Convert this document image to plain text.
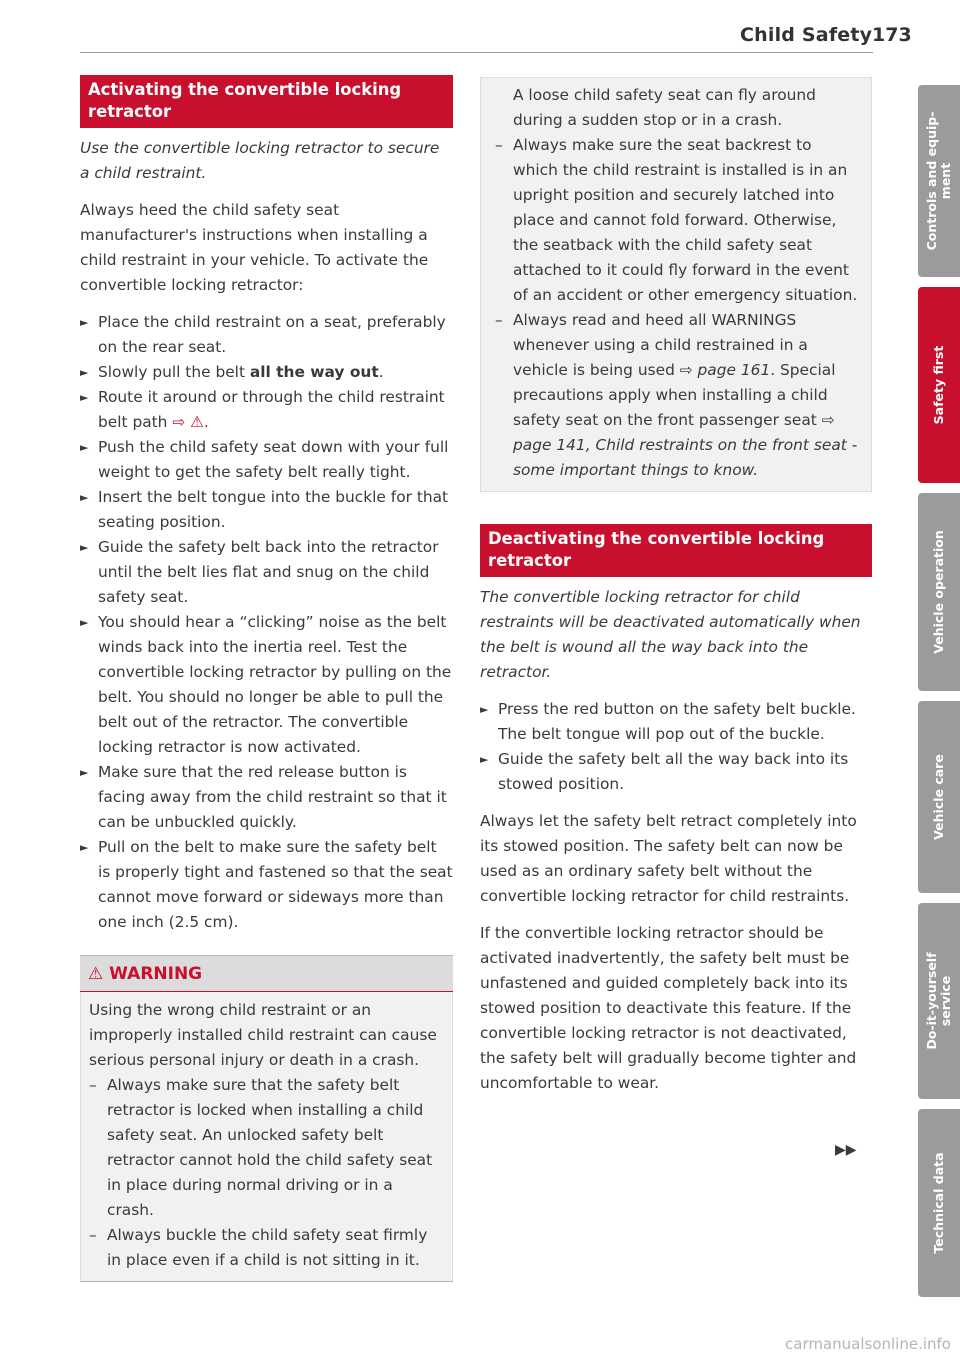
Child Safety 173
Activating the convertible locking
retractor

Use the convertible locking retractor to secure a child restraint.

Always heed the child safety seat manufacturer's instructions when installing a child restraint in your vehicle. To activate the convertible locking retractor:

► Place the child restraint on a seat, preferably on the rear seat.
► Slowly pull the belt all the way out.
► Route it around or through the child restraint belt path ⇨ ⚠.
► Push the child safety seat down with your full weight to get the safety belt really tight.
► Insert the belt tongue into the buckle for that seating position.
► Guide the safety belt back into the retractor until the belt lies flat and snug on the child safety seat.
► You should hear a “clicking” noise as the belt winds back into the inertia reel. Test the convertible locking retractor by pulling on the belt. You should no longer be able to pull the belt out of the retractor. The convertible locking retractor is now activated.
► Make sure that the red release button is facing away from the child restraint so that it can be unbuckled quickly.
► Pull on the belt to make sure the safety belt is properly tight and fastened so that the seat cannot move forward or sideways more than one inch (2.5 cm).
⚠ WARNING

Using the wrong child restraint or an improperly installed child restraint can cause serious personal injury or death in a crash.

– Always make sure that the safety belt retractor is locked when installing a child safety seat. An unlocked safety belt retractor cannot hold the child safety seat in place during normal driving or in a crash.
– Always buckle the child safety seat firmly in place even if a child is not sitting in it.

A loose child safety seat can fly around during a sudden stop or in a crash.

– Always make sure the seat backrest to which the child restraint is installed is in an upright position and securely latched into place and cannot fold forward. Otherwise, the seatback with the child safety seat attached to it could fly forward in the event of an accident or other emergency situation.
– Always read and heed all WARNINGS whenever using a child restrained in a vehicle is being used ⇨ page 161. Special precautions apply when installing a child safety seat on the front passenger seat ⇨ page 141, Child restraints on the front seat - some important things to know.
Deactivating the convertible locking
retractor

The convertible locking retractor for child restraints will be deactivated automatically when the belt is wound all the way back into the retractor.

► Press the red button on the safety belt buckle. The belt tongue will pop out of the buckle.
► Guide the safety belt all the way back into its stowed position.

Always let the safety belt retract completely into its stowed position. The safety belt can now be used as an ordinary safety belt without the convertible locking retractor for child restraints.

If the convertible locking retractor should be activated inadvertently, the safety belt must be unfastened and guided completely back into its stowed position to deactivate this feature. If the convertible locking retractor is not deactivated, the safety belt will gradually become tighter and uncomfortable to wear.

▶▶
Controls and equip-
ment
Safety first
Vehicle operation
Vehicle care
Do-it-yourself
service
Technical data
carmanualsonline.info
